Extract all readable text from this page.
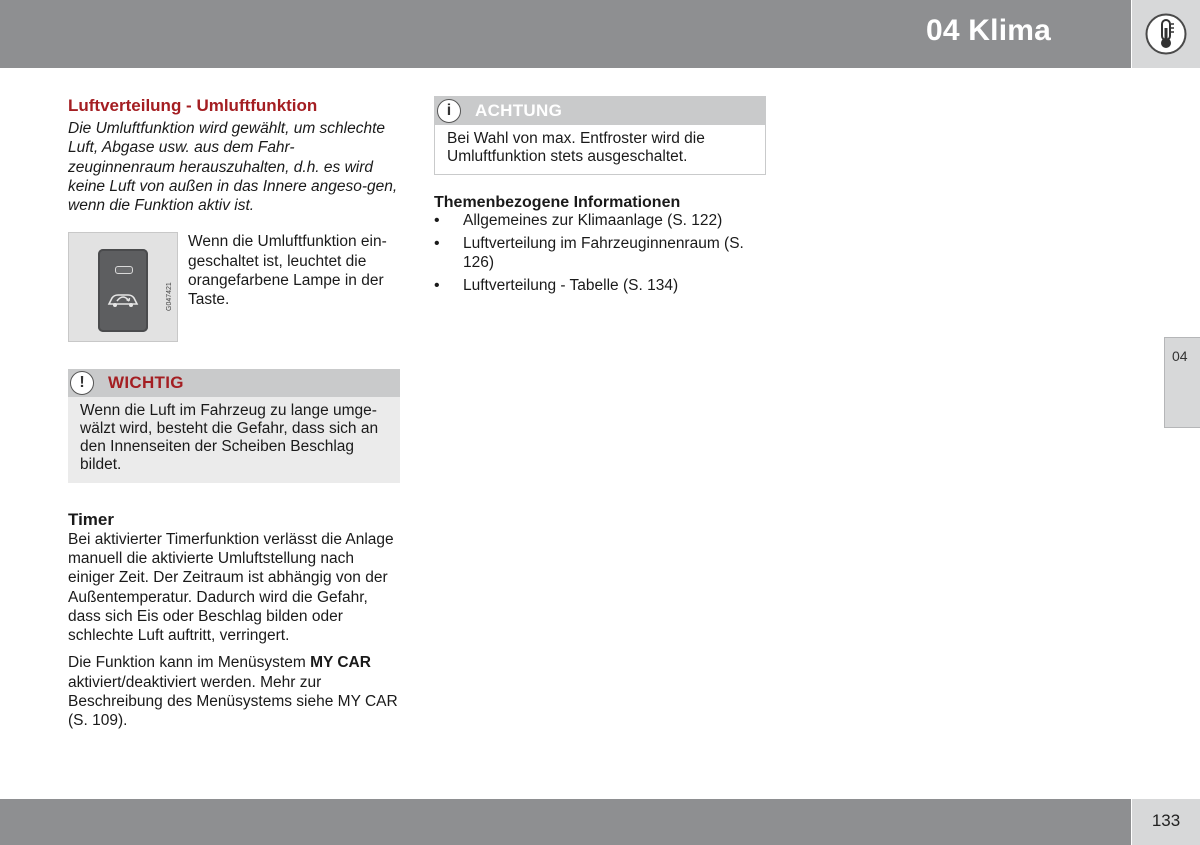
04 Klima
04
Luftverteilung - Umluftfunktion

Die Umluftfunktion wird gewählt, um schlechte Luft, Abgase usw. aus dem Fahr-zeuginnenraum herauszuhalten, d.h. es wird keine Luft von außen in das Innere angeso-gen, wenn die Funktion aktiv ist.

G047421
Wenn die Umluftfunktion ein-geschaltet ist, leuchtet die orangefarbene Lampe in der Taste.
!	WICHTIG
Wenn die Luft im Fahrzeug zu lange umge-wälzt wird, besteht die Gefahr, dass sich an den Innenseiten der Scheiben Beschlag bildet.
Timer

Bei aktivierter Timerfunktion verlässt die Anlage manuell die aktivierte Umluftstellung nach einiger Zeit. Der Zeitraum ist abhängig von der Außentemperatur. Dadurch wird die Gefahr, dass sich Eis oder Beschlag bilden oder schlechte Luft auftritt, verringert.

Die Funktion kann im Menüsystem MY CAR aktiviert/deaktiviert werden. Mehr zur Beschreibung des Menüsystems siehe MY CAR (S. 109).

i	ACHTUNG
Bei Wahl von max. Entfroster wird die Umluftfunktion stets ausgeschaltet.
Themenbezogene Informationen
• Allgemeines zur Klimaanlage (S. 122)
• Luftverteilung im Fahrzeuginnenraum (S. 126)
• Luftverteilung - Tabelle (S. 134)
133
